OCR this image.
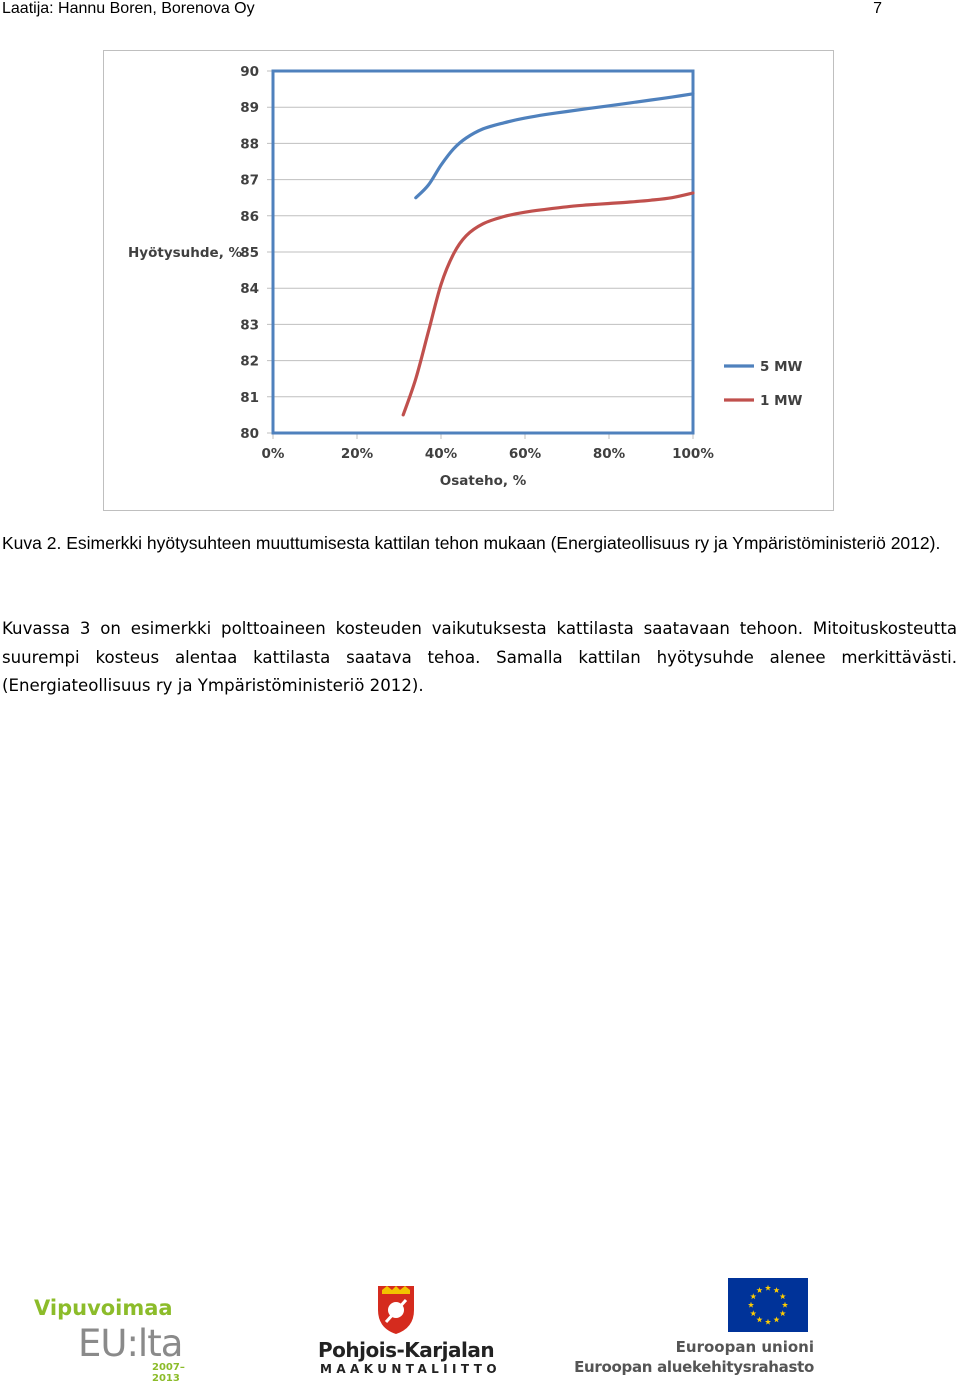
Laatija: Hannu Boren, Borenova Oy	7
80
81
82
83
84
85
86
87
88
89
90
0%	20%	40%	60%	80%	100%
Hyötysuhde, %
Osateho, %
5 MW
1 MW
Kuva 2. Esimerkki hyötysuhteen muuttumisesta kattilan tehon mukaan (Energiateollisuus ry ja Ympäristöministeriö 2012).
Kuvassa 3 on esimerkki polttoaineen kosteuden vaikutuksesta kattilasta saatavaan tehoon. Mitoituskosteutta suurempi kosteus alentaa kattilasta saatava tehoa. Samalla kattilan hyötysuhde alenee merkittävästi. (Energiateollisuus ry ja Ympäristöministeriö 2012).
Vipuvoimaa
EU:lta
2007–2013
Pohjois-Karjalan
MAAKUNTALIITTO
Euroopan unioni
Euroopan aluekehitysrahasto
